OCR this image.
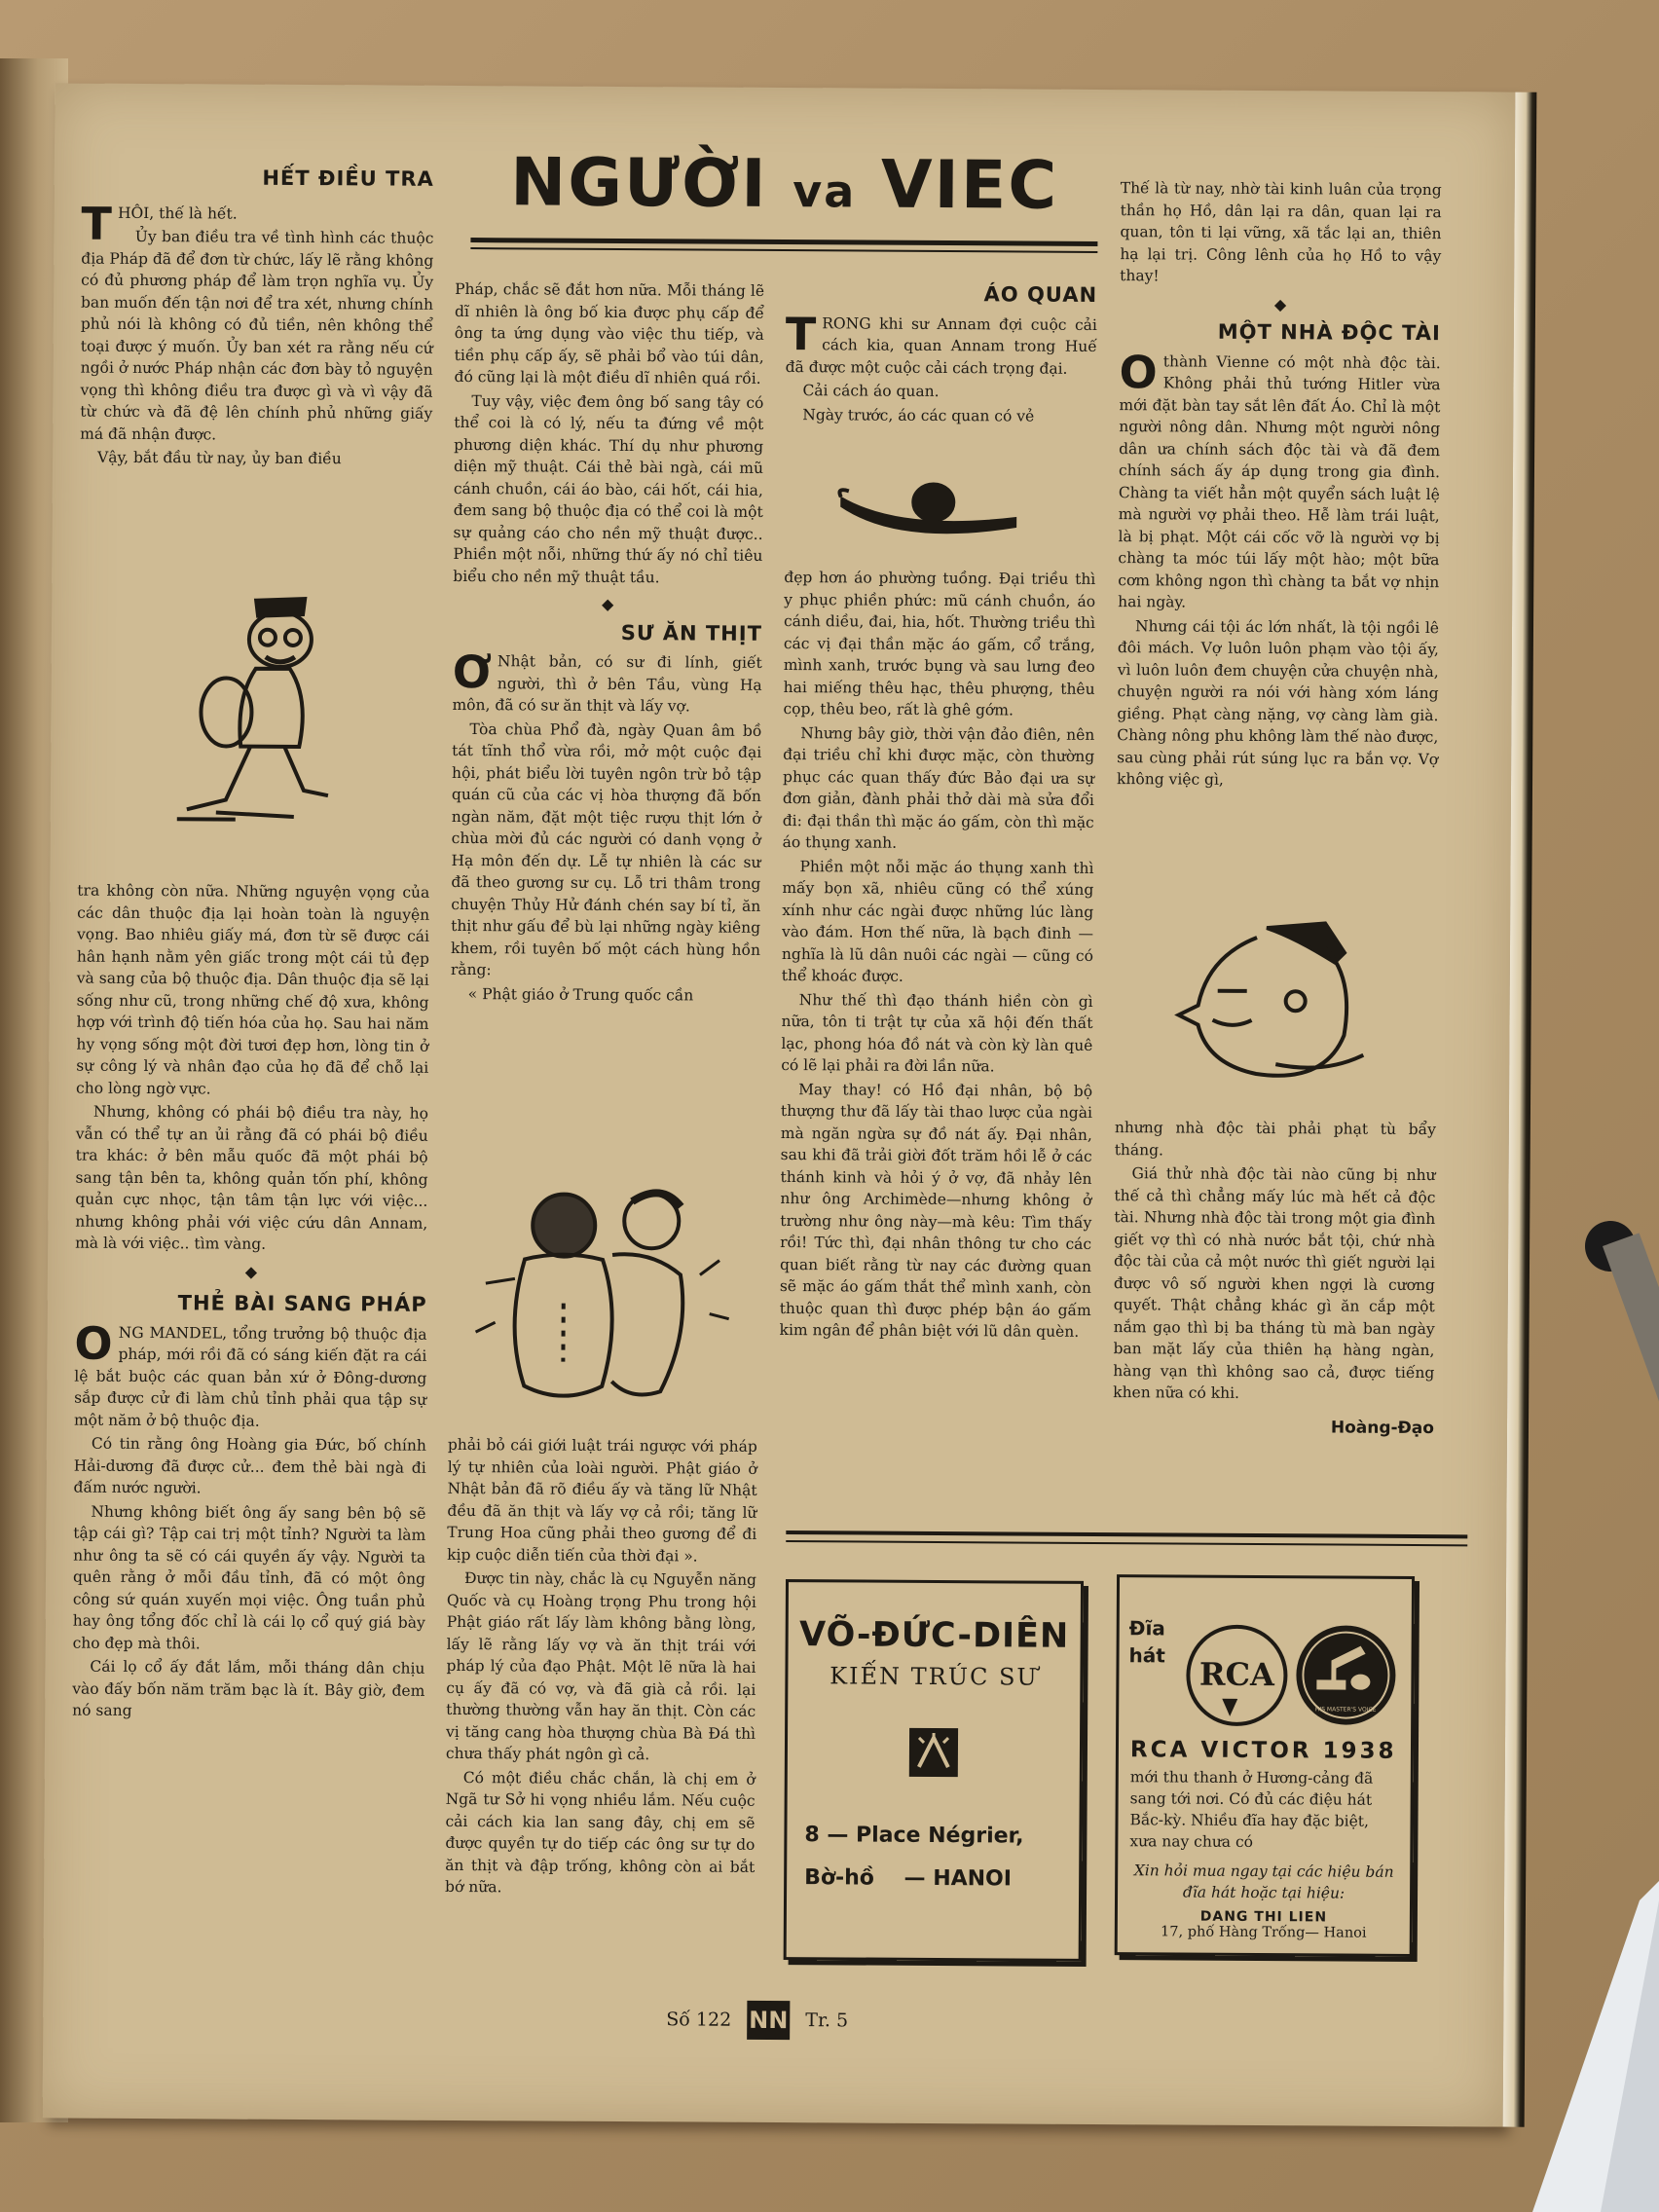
NGƯỜI va VIEC
HẾT ĐIỀU TRA
T HÔI, thế là hết.

Ủy ban điều tra về tình hình các thuộc địa Pháp đã để đơn từ chức, lấy lẽ rằng không có đủ phương pháp để làm trọn nghĩa vụ. Ủy ban muốn đến tận nơi để tra xét, nhưng chính phủ nói là không có đủ tiền, nên không thể toại được ý muốn. Ủy ban xét ra rằng nếu cứ ngồi ở nước Pháp nhận các đơn bày tỏ nguyện vọng thì không điều tra được gì và vì vậy đã từ chức và đã đệ lên chính phủ những giấy má đã nhận được.

Vậy, bắt đầu từ nay, ủy ban điều

tra không còn nữa. Những nguyện vọng của các dân thuộc địa lại hoàn toàn là nguyện vọng. Bao nhiêu giấy má, đơn từ sẽ được cái hân hạnh nằm yên giấc trong một cái tủ đẹp và sang của bộ thuộc địa. Dân thuộc địa sẽ lại sống như cũ, trong những chế độ xưa, không hợp với trình độ tiến hóa của họ. Sau hai năm hy vọng sống một đời tươi đẹp hơn, lòng tin ở sự công lý và nhân đạo của họ đã để chỗ lại cho lòng ngờ vực.

Nhưng, không có phái bộ điều tra này, họ vẫn có thể tự an ủi rằng đã có phái bộ điều tra khác: ở bên mẫu quốc đã một phái bộ sang tận bên ta, không quản tốn phí, không quản cực nhọc, tận tâm tận lực với việc... nhưng không phải với việc cứu dân Annam, mà là với việc.. tìm vàng.

◆
THẺ BÀI SANG PHÁP
O NG MANDEL, tổng trưởng bộ thuộc địa pháp, mới rồi đã có sáng kiến đặt ra cái lệ bắt buộc các quan bản xứ ở Đông-dương sắp được cử đi làm chủ tỉnh phải qua tập sự một năm ở bộ thuộc địa.

Có tin rằng ông Hoàng gia Đức, bố chính Hải-dương đã được cử... đem thẻ bài ngà đi đấm nước người.

Nhưng không biết ông ấy sang bên bộ sẽ tập cái gì? Tập cai trị một tỉnh? Người ta làm như ông ta sẽ có cái quyền ấy vậy. Người ta quên rằng ở mỗi đầu tỉnh, đã có một ông công sứ quán xuyến mọi việc. Ông tuần phủ hay ông tổng đốc chỉ là cái lọ cổ quý giá bày cho đẹp mà thôi.

Cái lọ cổ ấy đắt lắm, mỗi tháng dân chịu vào đấy bốn năm trăm bạc là ít. Bây giờ, đem nó sang

Pháp, chắc sẽ đắt hơn nữa. Mỗi tháng lẽ dĩ nhiên là ông bố kia được phụ cấp để ông ta ứng dụng vào việc thu tiếp, và tiền phụ cấp ấy, sẽ phải bổ vào túi dân, đó cũng lại là một điều dĩ nhiên quá rồi.

Tuy vậy, việc đem ông bố sang tây có thể coi là có lý, nếu ta đứng về một phương diện khác. Thí dụ như phương diện mỹ thuật. Cái thẻ bài ngà, cái mũ cánh chuồn, cái áo bào, cái hốt, cái hia, đem sang bộ thuộc địa có thể coi là một sự quảng cáo cho nền mỹ thuật được.. Phiền một nỗi, những thứ ấy nó chỉ tiêu biểu cho nền mỹ thuật tầu.

◆
SƯ ĂN THỊT
Ơ Nhật bản, có sư đi lính, giết người, thì ở bên Tầu, vùng Hạ môn, đã có sư ăn thịt và lấy vợ.

Tòa chùa Phổ đà, ngày Quan âm bồ tát tĩnh thổ vừa rồi, mở một cuộc đại hội, phát biểu lời tuyên ngôn trừ bỏ tập quán cũ của các vị hòa thượng đã bốn ngàn năm, đặt một tiệc rượu thịt lớn ở chùa mời đủ các người có danh vọng ở Hạ môn đến dự. Lễ tự nhiên là các sư đã theo gương sư cụ. Lỗ tri thâm trong chuyện Thủy Hử đánh chén say bí tỉ, ăn thịt như gấu để bù lại những ngày kiêng khem, rồi tuyên bố một cách hùng hồn rằng:

« Phật giáo ở Trung quốc cần

phải bỏ cái giới luật trái ngược với pháp lý tự nhiên của loài người. Phật giáo ở Nhật bản đã rõ điều ấy và tăng lữ Nhật đều đã ăn thịt và lấy vợ cả rồi; tăng lữ Trung Hoa cũng phải theo gương để đi kịp cuộc diễn tiến của thời đại ».

Được tin này, chắc là cụ Nguyễn năng Quốc và cụ Hoàng trọng Phu trong hội Phật giáo rất lấy làm không bằng lòng, lấy lẽ rằng lấy vợ và ăn thịt trái với pháp lý của đạo Phật. Một lẽ nữa là hai cụ ấy đã có vợ, và đã già cả rồi. lại thường thường vẫn hay ăn thịt. Còn các vị tăng cang hòa thượng chùa Bà Đá thì chưa thấy phát ngôn gì cả.

Có một điều chắc chắn, là chị em ở Ngã tư Sở hi vọng nhiều lắm. Nếu cuộc cải cách kia lan sang đây, chị em sẽ được quyền tự do tiếp các ông sư tự do ăn thịt và đập trống, không còn ai bắt bớ nữa.

ÁO QUAN
T RONG khi sư Annam đợi cuộc cải cách kia, quan Annam trong Huế đã được một cuộc cải cách trọng đại.

Cải cách áo quan.

Ngày trước, áo các quan có vẻ

đẹp hơn áo phường tuồng. Đại triều thì y phục phiền phức: mũ cánh chuồn, áo cánh diều, đai, hia, hốt. Thường triều thì các vị đại thần mặc áo gấm, cổ trắng, mình xanh, trước bụng và sau lưng đeo hai miếng thêu hạc, thêu phượng, thêu cọp, thêu beo, rất là ghê gớm.

Nhưng bây giờ, thời vận đảo điên, nên đại triều chỉ khi được mặc, còn thường phục các quan thấy đức Bảo đại ưa sự đơn giản, đành phải thở dài mà sửa đổi đi: đại thần thì mặc áo gấm, còn thì mặc áo thụng xanh.

Phiền một nỗi mặc áo thụng xanh thì mấy bọn xã, nhiêu cũng có thể xúng xính như các ngài được những lúc làng vào đám. Hơn thế nữa, là bạch đinh — nghĩa là lũ dân nuôi các ngài — cũng có thể khoác được.

Như thế thì đạo thánh hiền còn gì nữa, tôn ti trật tự của xã hội đến thất lạc, phong hóa đồ nát và còn kỳ làn quê có lẽ lại phải ra đời lần nữa.

May thay! có Hồ đại nhân, bộ bộ thượng thư đã lấy tài thao lược của ngài mà ngăn ngừa sự đồ nát ấy. Đại nhân, sau khi đã trải giời đốt trăm hồi lễ ở các thánh kinh và hỏi ý ở vợ, đã nhảy lên như ông Archimède—nhưng không ở trường như ông này—mà kêu: Tìm thấy rồi! Tức thì, đại nhân thông tư cho các quan biết rằng từ nay các đường quan sẽ mặc áo gấm thắt thể mình xanh, còn thuộc quan thì được phép bận áo gấm kim ngân để phân biệt với lũ dân quèn.

Thế là từ nay, nhờ tài kinh luân của trọng thần họ Hồ, dân lại ra dân, quan lại ra quan, tôn ti lại vững, xã tắc lại an, thiên hạ lại trị. Công lênh của họ Hồ to vậy thay!

◆
MỘT NHÀ ĐỘC TÀI
O thành Vienne có một nhà độc tài. Không phải thủ tướng Hitler vừa mới đặt bàn tay sắt lên đất Áo. Chỉ là một người nông dân. Nhưng một người nông dân ưa chính sách độc tài và đã đem chính sách ấy áp dụng trong gia đình. Chàng ta viết hẳn một quyển sách luật lệ mà người vợ phải theo. Hễ làm trái luật, là bị phạt. Một cái cốc vỡ là người vợ bị chàng ta móc túi lấy một hào; một bữa cơm không ngon thì chàng ta bắt vợ nhịn hai ngày.

Nhưng cái tội ác lớn nhất, là tội ngồi lê đôi mách. Vợ luôn luôn phạm vào tội ấy, vì luôn luôn đem chuyện cửa chuyện nhà, chuyện người ra nói với hàng xóm láng giềng. Phạt càng nặng, vợ càng làm già. Chàng nông phu không làm thế nào được, sau cùng phải rút súng lục ra bắn vợ. Vợ không việc gì,

nhưng nhà độc tài phải phạt tù bẩy tháng.

Giá thử nhà độc tài nào cũng bị như thế cả thì chẳng mấy lúc mà hết cả độc tài. Nhưng nhà độc tài trong một gia đình giết vợ thì có nhà nước bắt tội, chứ nhà độc tài của cả một nước thì giết người lại được vô số người khen ngợi là cương quyết. Thật chẳng khác gì ăn cắp một nắm gạo thì bị ba tháng tù mà ban ngày ban mặt lấy của thiên hạ hàng ngàn, hàng vạn thì không sao cả, được tiếng khen nữa có khi.

Hoàng-Đạo
VÕ-ĐỨC-DIÊN
KIẾN TRÚC SƯ
8 — Place Négrier,
Bờ-hồ — HANOI
Đĩa
hát
RCA
HIS MASTER'S VOICE
RCA VICTOR 1938
mới thu thanh ở Hương-cảng đã sang tới nơi. Có đủ các điệu hát Bắc-kỳ. Nhiều đĩa hay đặc biệt, xưa nay chưa có
Xin hỏi mua ngay tại các hiệu bán đĩa hát hoặc tại hiệu:
DANG THI LIEN
17, phố Hàng Trống— Hanoi
Số 122 NN Tr. 5
